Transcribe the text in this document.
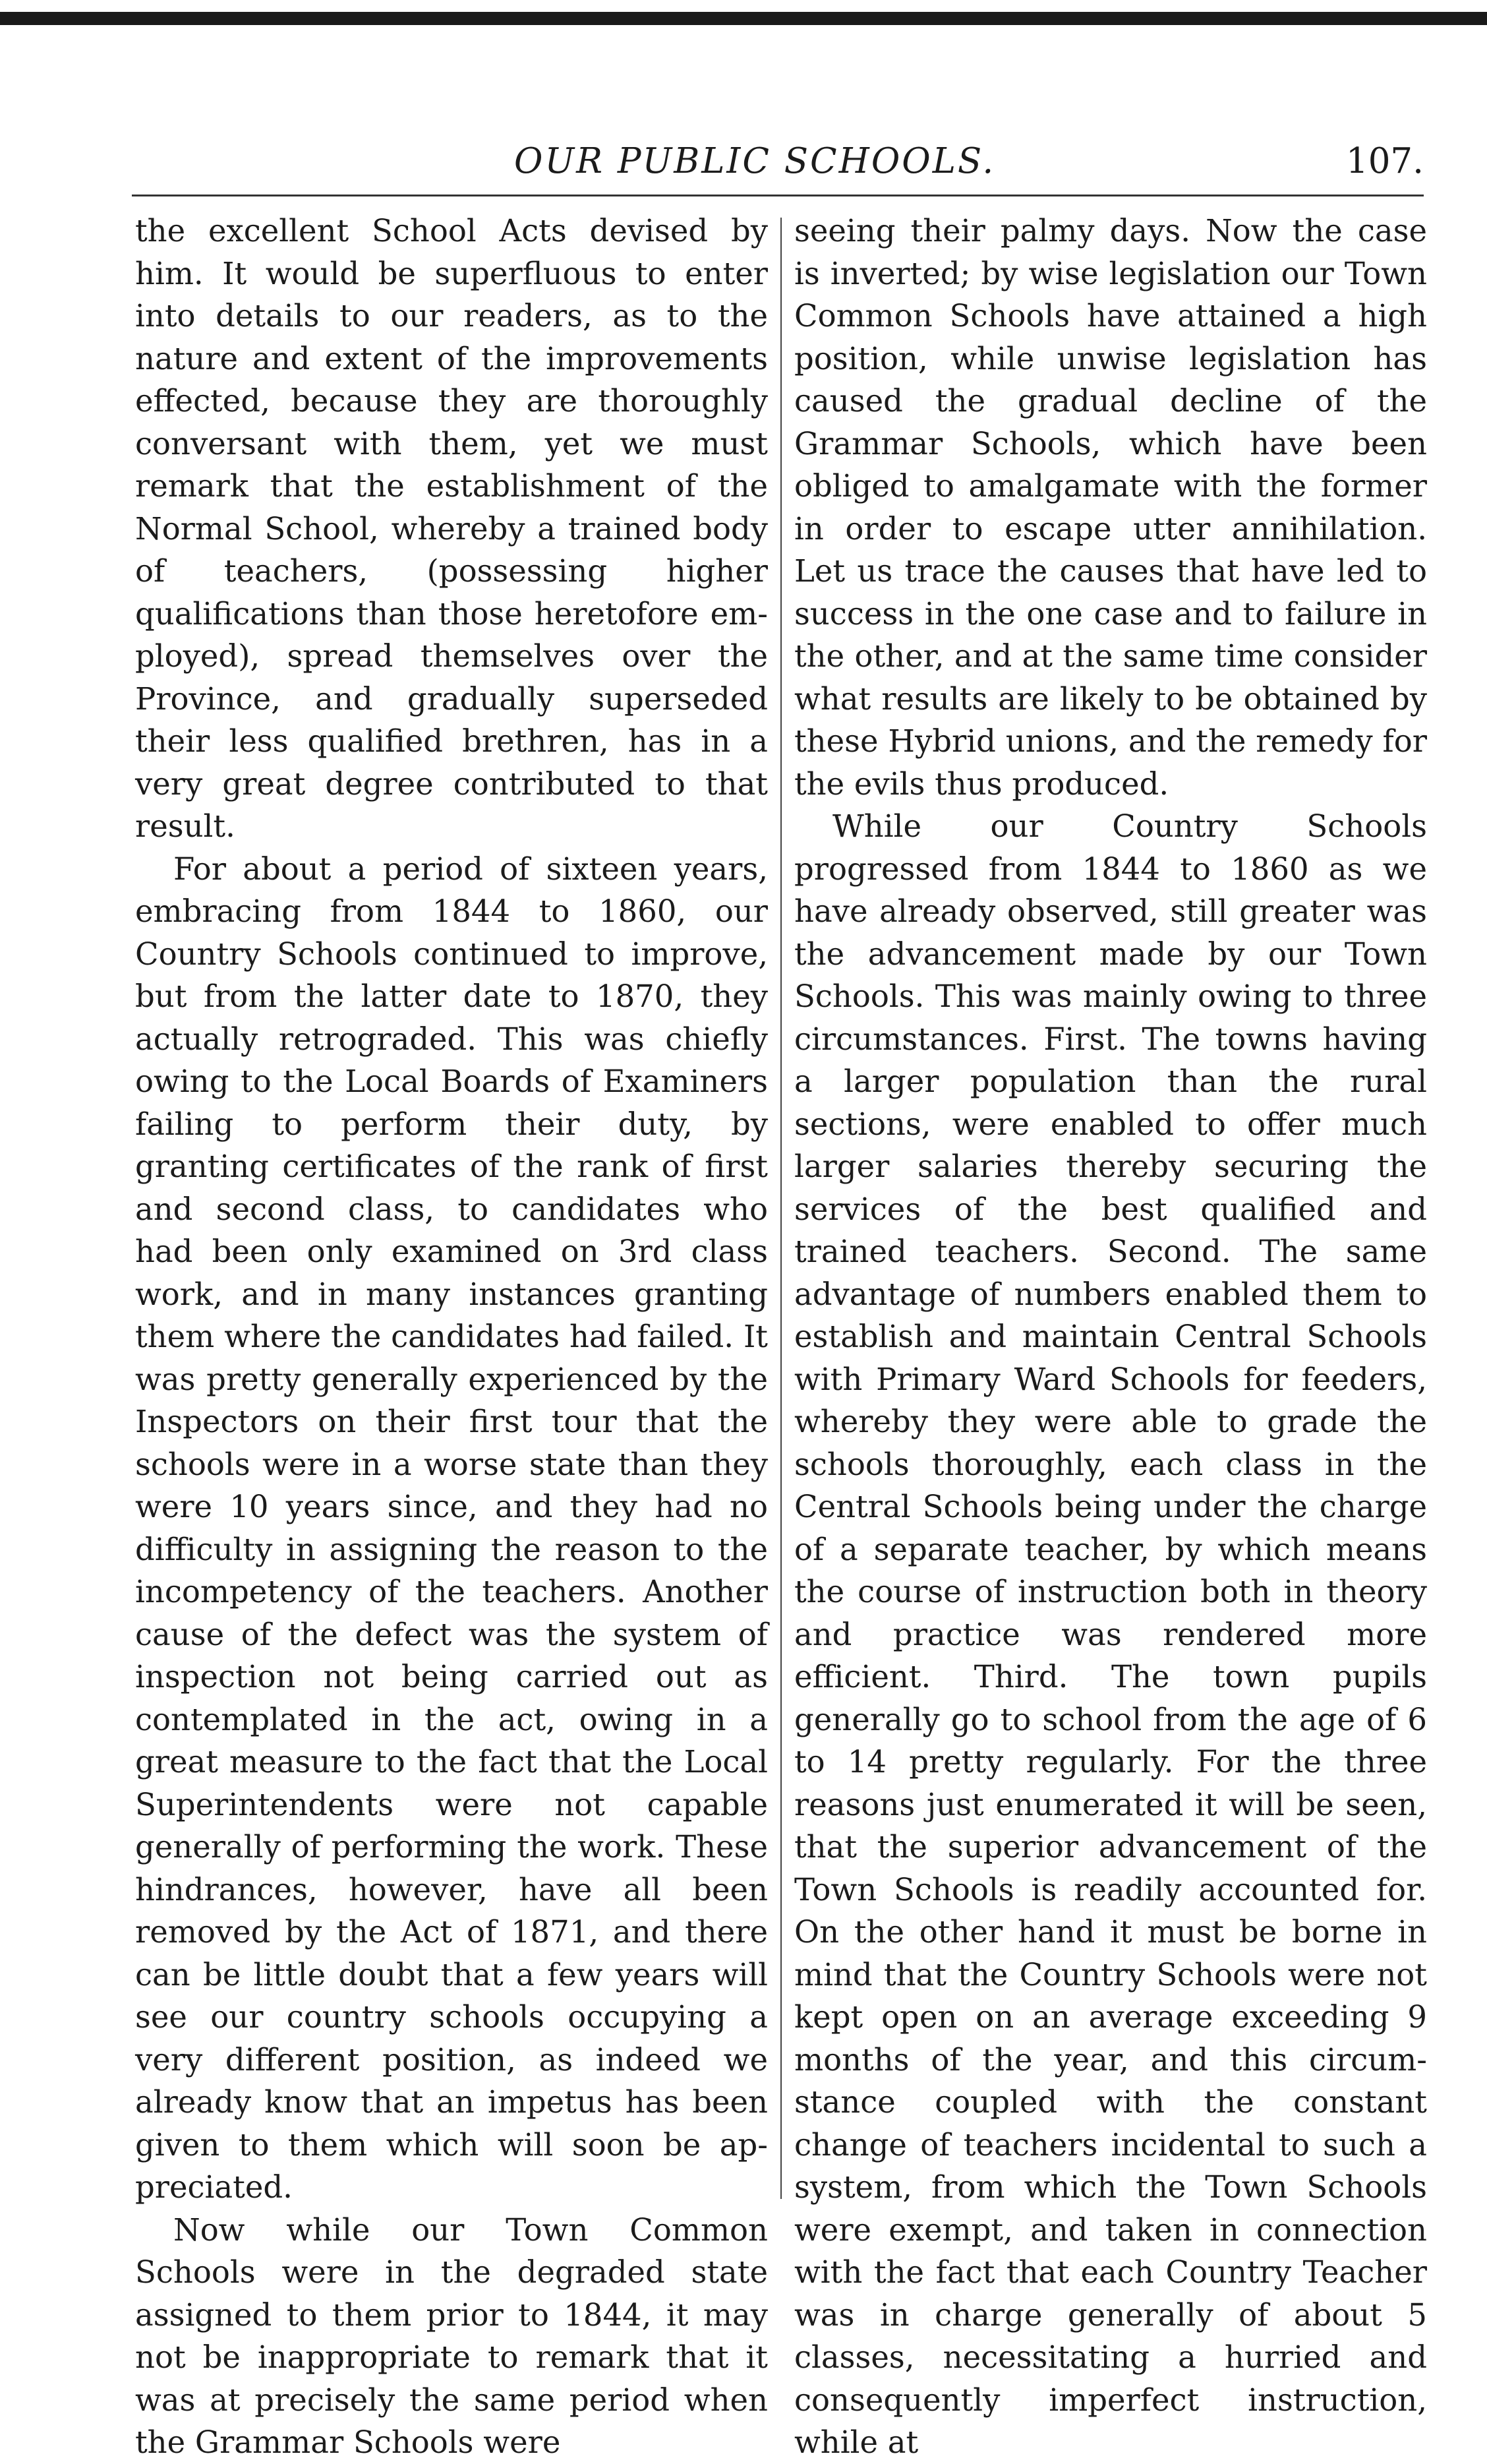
OUR PUBLIC SCHOOLS.	107.

the excellent School Acts devised by him. It would be superfluous to enter into details to our readers, as to the nature and extent of the improvements effected, because they are thoroughly conversant with them, yet we must remark that the establishment of the Normal School, whereby a trained body of teachers, (possessing higher qualifications than those heretofore employed), spread themselves over the Province, and gradually superseded their less qualified brethren, has in a very great degree contributed to that result.

For about a period of sixteen years, embracing from 1844 to 1860, our Country Schools continued to improve, but from the latter date to 1870, they actually retrograded. This was chiefly owing to the Local Boards of Examiners failing to perform their duty, by granting certificates of the rank of first and second class, to candidates who had been only examined on 3rd class work, and in many instances granting them where the candidates had failed. It was pretty generally experienced by the Inspectors on their first tour that the schools were in a worse state than they were 10 years since, and they had no difficulty in assigning the reason to the incompetency of the teachers. Another cause of the defect was the system of inspection not being carried out as contemplated in the act, owing in a great measure to the fact that the Local Superintendents were not capable generally of performing the work. These hindrances, however, have all been removed by the Act of 1871, and there can be little doubt that a few years will see our country schools occupying a very different position, as indeed we already know that an impetus has been given to them which will soon be appreciated.

Now while our Town Common Schools were in the degraded state assigned to them prior to 1844, it may not be inappropriate to remark that it was at precisely the same period when the Grammar Schools were

seeing their palmy days. Now the case is inverted; by wise legislation our Town Common Schools have attained a high position, while unwise legislation has caused the gradual decline of the Grammar Schools, which have been obliged to amalgamate with the former in order to escape utter annihilation. Let us trace the causes that have led to success in the one case and to failure in the other, and at the same time consider what results are likely to be obtained by these Hybrid unions, and the remedy for the evils thus produced.

While our Country Schools progressed from 1844 to 1860 as we have already observed, still greater was the advancement made by our Town Schools. This was mainly owing to three circumstances. First. The towns having a larger population than the rural sections, were enabled to offer much larger salaries thereby securing the services of the best qualified and trained teachers. Second. The same advantage of numbers enabled them to establish and maintain Central Schools with Primary Ward Schools for feeders, whereby they were able to grade the schools thoroughly, each class in the Central Schools being under the charge of a separate teacher, by which means the course of instruction both in theory and practice was rendered more efficient. Third. The town pupils generally go to school from the age of 6 to 14 pretty regularly. For the three reasons just enumerated it will be seen, that the superior advancement of the Town Schools is readily accounted for. On the other hand it must be borne in mind that the Country Schools were not kept open on an average exceeding 9 months of the year, and this circumstance coupled with the constant change of teachers incidental to such a system, from which the Town Schools were exempt, and taken in connection with the fact that each Country Teacher was in charge generally of about 5 classes, necessitating a hurried and consequently imperfect instruction, while at
